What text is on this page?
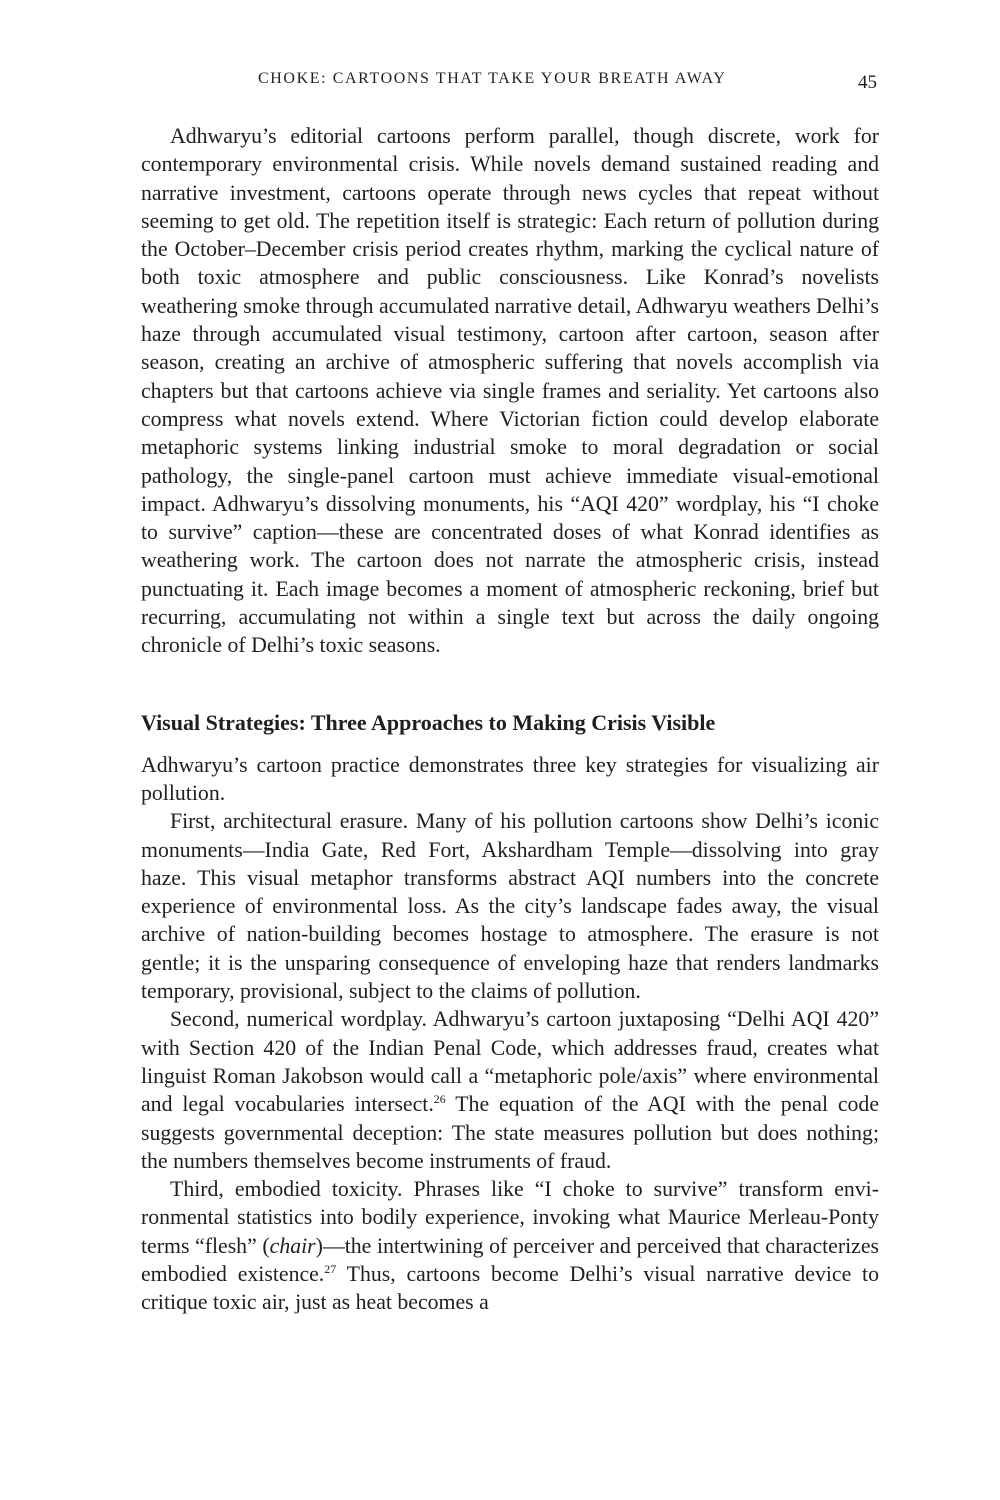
CHOKE: CARTOONS THAT TAKE YOUR BREATH AWAY	45

Adhwaryu’s editorial cartoons perform parallel, though discrete, work for contemporary environmental crisis. While novels demand sustained reading and narrative investment, cartoons operate through news cycles that repeat without seeming to get old. The repetition itself is strategic: Each return of pollution during the October–December crisis period creates rhythm, marking the cyclical nature of both toxic atmosphere and public consciousness. Like Konrad’s novelists weathering smoke through accumulated narrative detail, Adhwaryu weathers Delhi’s haze through accumulated visual testimony, cartoon after cartoon, season after season, creating an archive of atmospheric suffering that novels accomplish via chapters but that cartoons achieve via single frames and seriality. Yet cartoons also compress what novels extend. Where Victorian fiction could develop elaborate metaphoric systems linking industrial smoke to moral degradation or social pathology, the single-panel cartoon must achieve immediate visual-emotional impact. Adhwaryu’s dissolving monuments, his “AQI 420” wordplay, his “I choke to survive” caption—these are concentrated doses of what Konrad identifies as weathering work. The cartoon does not narrate the atmospheric crisis, instead punctuating it. Each image becomes a moment of atmospheric reckoning, brief but recurring, accumulating not within a single text but across the daily ongoing chronicle of Delhi’s toxic seasons.

Visual Strategies: Three Approaches to Making Crisis Visible

Adhwaryu’s cartoon practice demonstrates three key strategies for visualizing air pollution.

First, architectural erasure. Many of his pollution cartoons show Delhi’s iconic monuments—India Gate, Red Fort, Akshardham Temple—dissolving into gray haze. This visual metaphor transforms abstract AQI numbers into the concrete experience of environmental loss. As the city’s landscape fades away, the visual archive of nation-building becomes hostage to atmosphere. The erasure is not gentle; it is the unsparing consequence of enveloping haze that renders landmarks temporary, provisional, subject to the claims of pollution.

Second, numerical wordplay. Adhwaryu’s cartoon juxtaposing “Delhi AQI 420” with Section 420 of the Indian Penal Code, which addresses fraud, creates what linguist Roman Jakobson would call a “metaphoric pole/axis” where environmental and legal vocabularies intersect.$^{26}$ The equation of the AQI with the penal code suggests governmental deception: The state measures pollution but does nothing; the numbers themselves become instruments of fraud.

Third, embodied toxicity. Phrases like “I choke to survive” transform environmental statistics into bodily experience, invoking what Maurice Merleau-Ponty terms “flesh” (chair)—the intertwining of perceiver and perceived that characterizes embodied existence.$^{27}$ Thus, cartoons become Delhi’s visual narrative device to critique toxic air, just as heat becomes a
